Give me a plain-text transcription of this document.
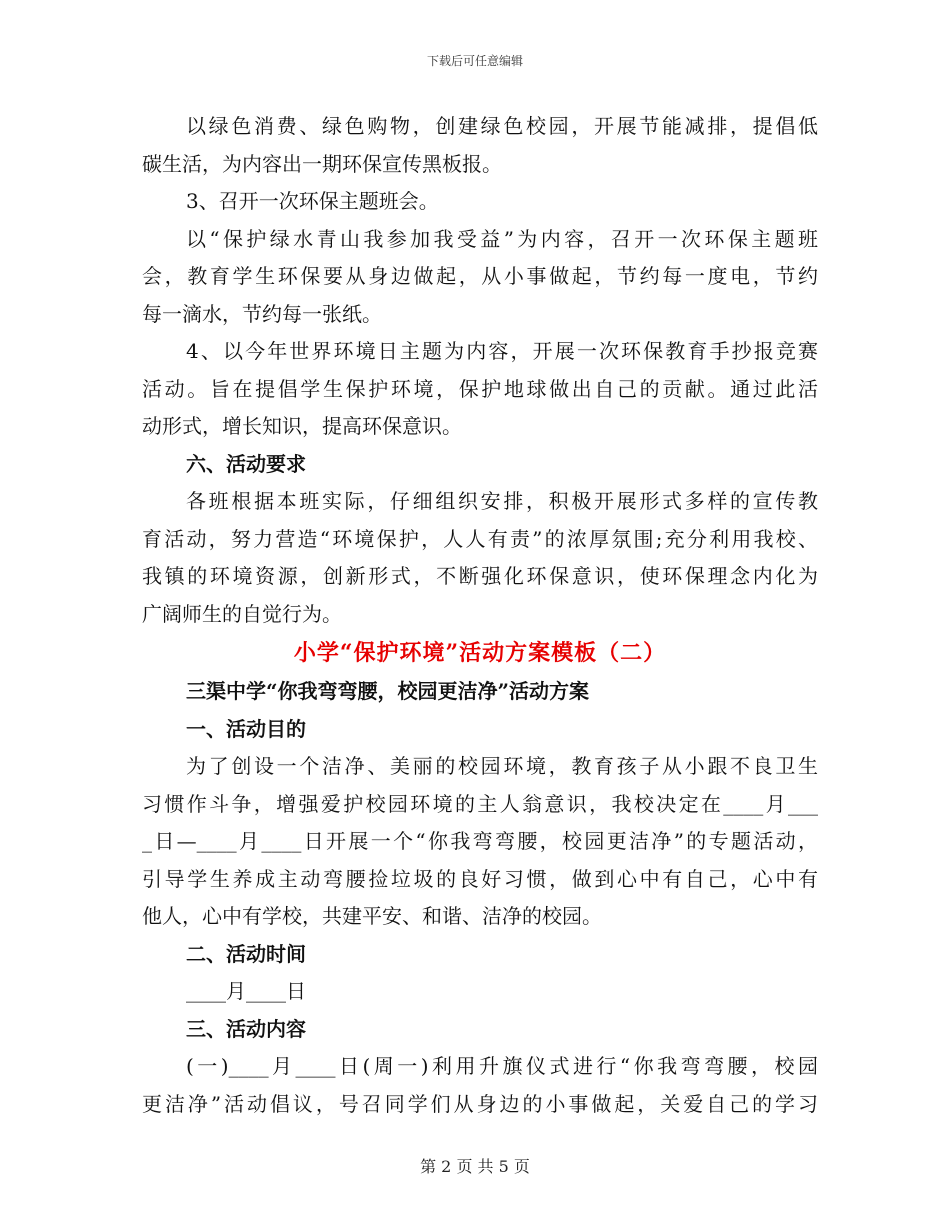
下载后可任意编辑
以绿色消费、绿色购物，创建绿色校园，开展节能减排，提倡低
碳生活，为内容出一期环保宣传黑板报。
3、召开一次环保主题班会。
以“保护绿水青山我参加我受益”为内容，召开一次环保主题班
会，教育学生环保要从身边做起，从小事做起，节约每一度电，节约
每一滴水，节约每一张纸。
4、以今年世界环境日主题为内容，开展一次环保教育手抄报竞赛
活动。旨在提倡学生保护环境，保护地球做出自己的贡献。通过此活
动形式，增长知识，提高环保意识。
六、活动要求
各班根据本班实际，仔细组织安排，积极开展形式多样的宣传教
育活动，努力营造“环境保护，人人有责”的浓厚氛围;充分利用我校、
我镇的环境资源，创新形式，不断强化环保意识，使环保理念内化为
广阔师生的自觉行为。
小学“保护环境”活动方案模板（二）
三渠中学“你我弯弯腰，校园更洁净”活动方案
一、活动目的
为了创设一个洁净、美丽的校园环境，教育孩子从小跟不良卫生
习惯作斗争，增强爱护校园环境的主人翁意识，我校决定在____月___
_日—____月____日开展一个“你我弯弯腰，校园更洁净”的专题活动，
引导学生养成主动弯腰捡垃圾的良好习惯，做到心中有自己，心中有
他人，心中有学校，共建平安、和谐、洁净的校园。
二、活动时间
____月____日
三、活动内容
(一)____月____日(周一)利用升旗仪式进行“你我弯弯腰，校园
更洁净”活动倡议，号召同学们从身边的小事做起，关爱自己的学习
第 2 页 共 5 页
